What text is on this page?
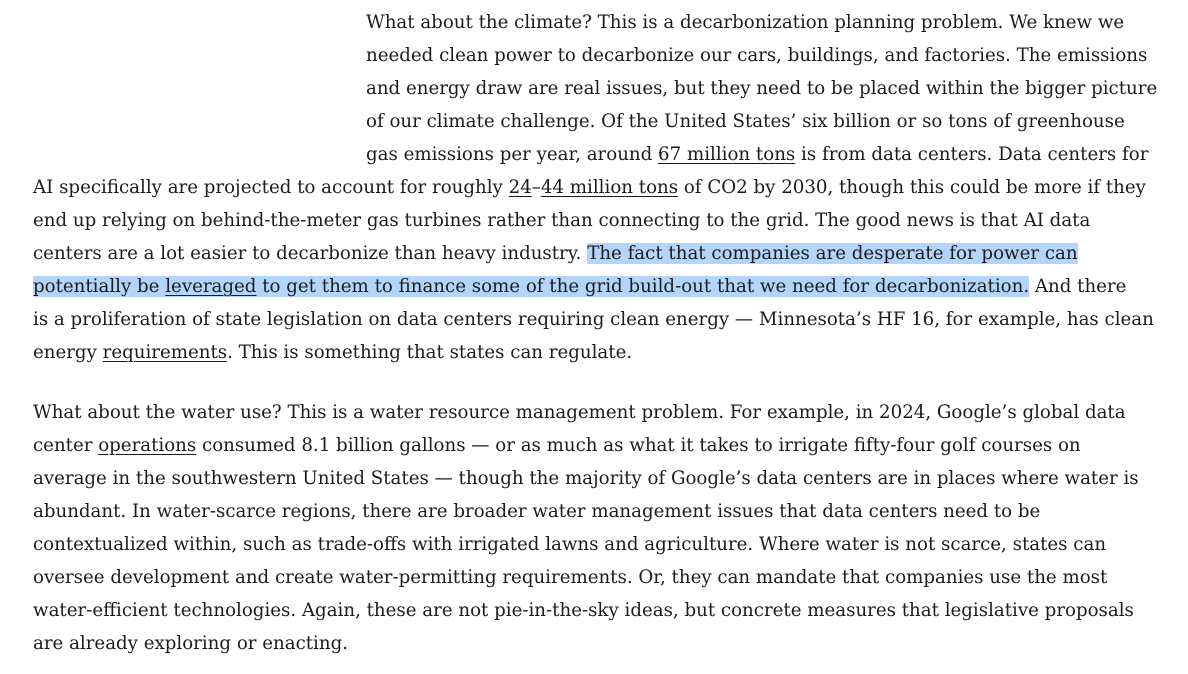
What about the climate? This is a decarbonization planning problem. We knew we
needed clean power to decarbonize our cars, buildings, and factories. The emissions
and energy draw are real issues, but they need to be placed within the bigger picture
of our climate challenge. Of the United States’ six billion or so tons of greenhouse
gas emissions per year, around 67 million tons is from data centers. Data centers for
AI specifically are projected to account for roughly 24–44 million tons of CO2 by 2030, though this could be more if they
end up relying on behind-the-meter gas turbines rather than connecting to the grid. The good news is that AI data
centers are a lot easier to decarbonize than heavy industry. The fact that companies are desperate for power can
potentially be leveraged to get them to finance some of the grid build-out that we need for decarbonization. And there
is a proliferation of state legislation on data centers requiring clean energy — Minnesota’s HF 16, for example, has clean
energy requirements. This is something that states can regulate.
What about the water use? This is a water resource management problem. For example, in 2024, Google’s global data
center operations consumed 8.1 billion gallons — or as much as what it takes to irrigate fifty-four golf courses on
average in the southwestern United States — though the majority of Google’s data centers are in places where water is
abundant. In water-scarce regions, there are broader water management issues that data centers need to be
contextualized within, such as trade-offs with irrigated lawns and agriculture. Where water is not scarce, states can
oversee development and create water-permitting requirements. Or, they can mandate that companies use the most
water-efficient technologies. Again, these are not pie-in-the-sky ideas, but concrete measures that legislative proposals
are already exploring or enacting.
